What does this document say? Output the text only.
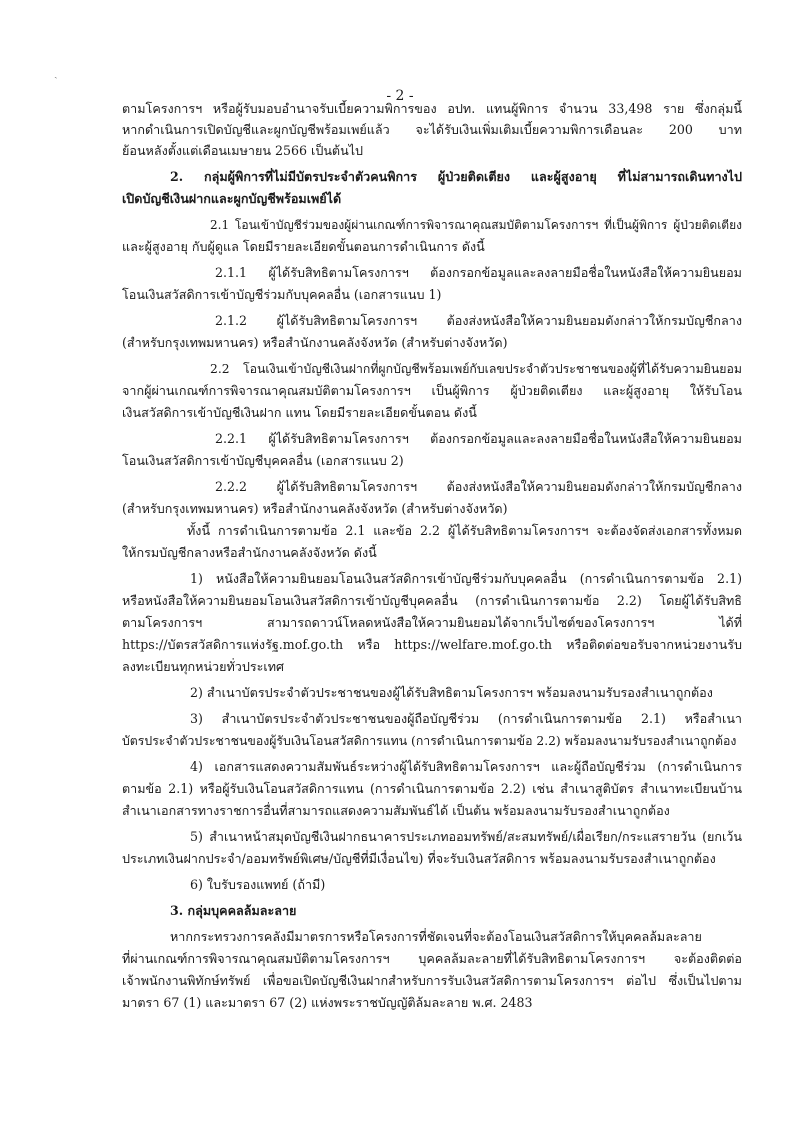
ˎ
- 2 -
ตามโครงการฯ หรือผู้รับมอบอำนาจรับเบี้ยความพิการของ อปท. แทนผู้พิการ จำนวน 33,498 ราย ซึ่งกลุ่มนี้
หากดำเนินการเปิดบัญชีและผูกบัญชีพร้อมเพย์แล้ว จะได้รับเงินเพิ่มเติมเบี้ยความพิการเดือนละ 200 บาท
ย้อนหลังตั้งแต่เดือนเมษายน 2566 เป็นต้นไป
2. กลุ่มผู้พิการที่ไม่มีบัตรประจำตัวคนพิการ ผู้ป่วยติดเตียง และผู้สูงอายุ ที่ไม่สามารถเดินทางไป
เปิดบัญชีเงินฝากและผูกบัญชีพร้อมเพย์ได้
2.1 โอนเข้าบัญชีร่วมของผู้ผ่านเกณฑ์การพิจารณาคุณสมบัติตามโครงการฯ ที่เป็นผู้พิการ ผู้ป่วยติดเตียง
และผู้สูงอายุ กับผู้ดูแล โดยมีรายละเอียดขั้นตอนการดำเนินการ ดังนี้
2.1.1 ผู้ได้รับสิทธิตามโครงการฯ ต้องกรอกข้อมูลและลงลายมือชื่อในหนังสือให้ความยินยอม
โอนเงินสวัสดิการเข้าบัญชีร่วมกับบุคคลอื่น (เอกสารแนบ 1)
2.1.2 ผู้ได้รับสิทธิตามโครงการฯ ต้องส่งหนังสือให้ความยินยอมดังกล่าวให้กรมบัญชีกลาง
(สำหรับกรุงเทพมหานคร) หรือสำนักงานคลังจังหวัด (สำหรับต่างจังหวัด)
2.2 โอนเงินเข้าบัญชีเงินฝากที่ผูกบัญชีพร้อมเพย์กับเลขประจำตัวประชาชนของผู้ที่ได้รับความยินยอม
จากผู้ผ่านเกณฑ์การพิจารณาคุณสมบัติตามโครงการฯ เป็นผู้พิการ ผู้ป่วยติดเตียง และผู้สูงอายุ ให้รับโอน
เงินสวัสดิการเข้าบัญชีเงินฝาก แทน โดยมีรายละเอียดขั้นตอน ดังนี้
2.2.1 ผู้ได้รับสิทธิตามโครงการฯ ต้องกรอกข้อมูลและลงลายมือชื่อในหนังสือให้ความยินยอม
โอนเงินสวัสดิการเข้าบัญชีบุคคลอื่น (เอกสารแนบ 2)
2.2.2 ผู้ได้รับสิทธิตามโครงการฯ ต้องส่งหนังสือให้ความยินยอมดังกล่าวให้กรมบัญชีกลาง
(สำหรับกรุงเทพมหานคร) หรือสำนักงานคลังจังหวัด (สำหรับต่างจังหวัด)
ทั้งนี้ การดำเนินการตามข้อ 2.1 และข้อ 2.2 ผู้ได้รับสิทธิตามโครงการฯ จะต้องจัดส่งเอกสารทั้งหมด
ให้กรมบัญชีกลางหรือสำนักงานคลังจังหวัด ดังนี้
1) หนังสือให้ความยินยอมโอนเงินสวัสดิการเข้าบัญชีร่วมกับบุคคลอื่น (การดำเนินการตามข้อ 2.1)
หรือหนังสือให้ความยินยอมโอนเงินสวัสดิการเข้าบัญชีบุคคลอื่น (การดำเนินการตามข้อ 2.2) โดยผู้ได้รับสิทธิ
ตามโครงการฯ สามารถดาวน์โหลดหนังสือให้ความยินยอมได้จากเว็บไซต์ของโครงการฯ ได้ที่
https://บัตรสวัสดิการแห่งรัฐ.mof.go.th หรือ https://welfare.mof.go.th หรือติดต่อขอรับจากหน่วยงานรับ
ลงทะเบียนทุกหน่วยทั่วประเทศ
2) สำเนาบัตรประจำตัวประชาชนของผู้ได้รับสิทธิตามโครงการฯ พร้อมลงนามรับรองสำเนาถูกต้อง
3) สำเนาบัตรประจำตัวประชาชนของผู้ถือบัญชีร่วม (การดำเนินการตามข้อ 2.1) หรือสำเนา
บัตรประจำตัวประชาชนของผู้รับเงินโอนสวัสดิการแทน (การดำเนินการตามข้อ 2.2) พร้อมลงนามรับรองสำเนาถูกต้อง
4) เอกสารแสดงความสัมพันธ์ระหว่างผู้ได้รับสิทธิตามโครงการฯ และผู้ถือบัญชีร่วม (การดำเนินการ
ตามข้อ 2.1) หรือผู้รับเงินโอนสวัสดิการแทน (การดำเนินการตามข้อ 2.2) เช่น สำเนาสูติบัตร สำเนาทะเบียนบ้าน
สำเนาเอกสารทางราชการอื่นที่สามารถแสดงความสัมพันธ์ได้ เป็นต้น พร้อมลงนามรับรองสำเนาถูกต้อง
5) สำเนาหน้าสมุดบัญชีเงินฝากธนาคารประเภทออมทรัพย์/สะสมทรัพย์/เผื่อเรียก/กระแสรายวัน (ยกเว้น
ประเภทเงินฝากประจำ/ออมทรัพย์พิเศษ/บัญชีที่มีเงื่อนไข) ที่จะรับเงินสวัสดิการ พร้อมลงนามรับรองสำเนาถูกต้อง
6) ใบรับรองแพทย์ (ถ้ามี)
3. กลุ่มบุคคลล้มละลาย
หากกระทรวงการคลังมีมาตรการหรือโครงการที่ชัดเจนที่จะต้องโอนเงินสวัสดิการให้บุคคลล้มละลาย
ที่ผ่านเกณฑ์การพิจารณาคุณสมบัติตามโครงการฯ บุคคลล้มละลายที่ได้รับสิทธิตามโครงการฯ จะต้องติดต่อ
เจ้าพนักงานพิทักษ์ทรัพย์ เพื่อขอเปิดบัญชีเงินฝากสำหรับการรับเงินสวัสดิการตามโครงการฯ ต่อไป ซึ่งเป็นไปตาม
มาตรา 67 (1) และมาตรา 67 (2) แห่งพระราชบัญญัติล้มละลาย พ.ศ. 2483
